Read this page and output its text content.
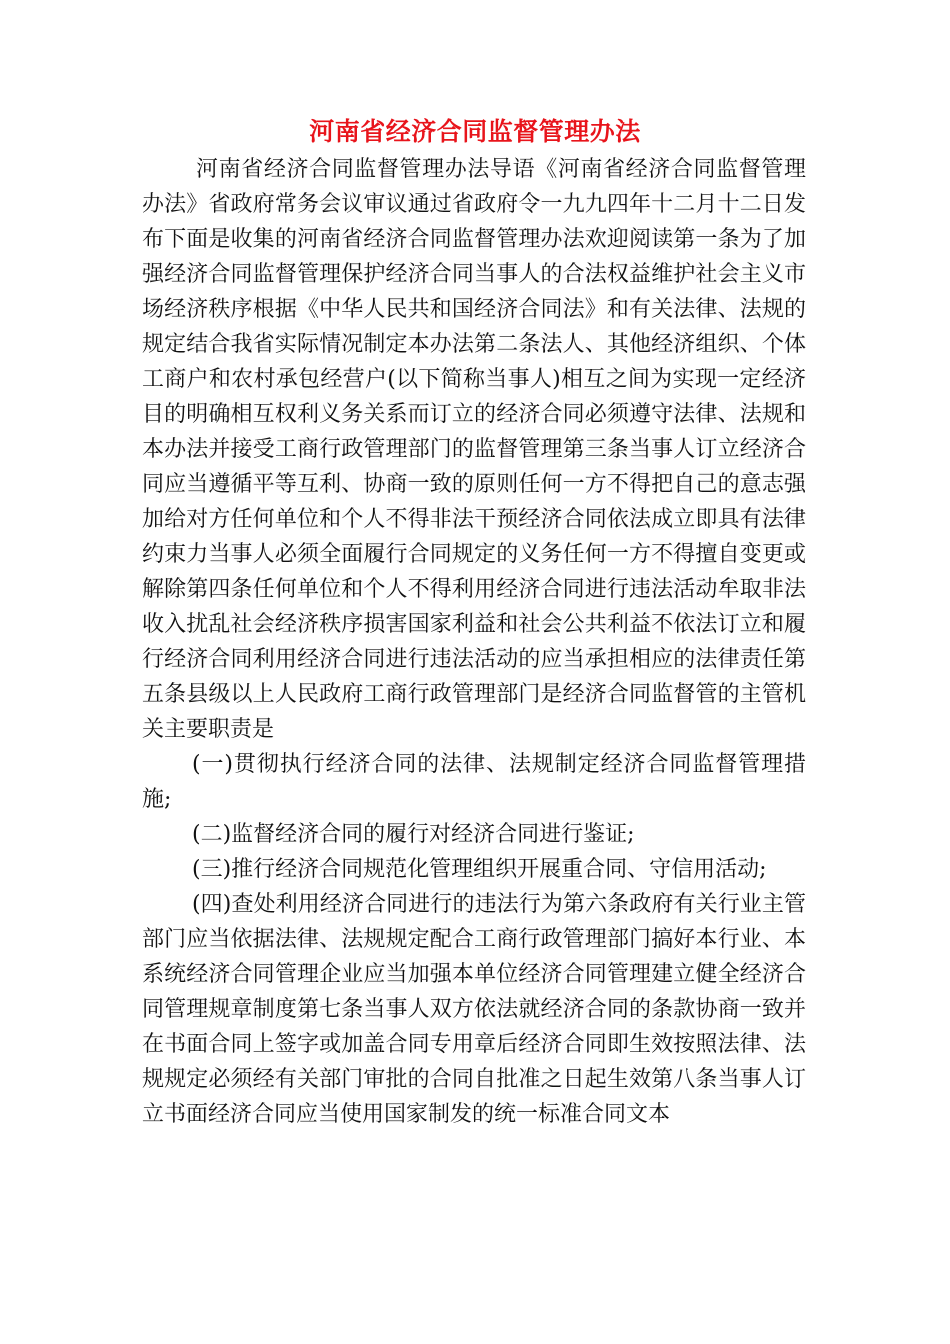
河南省经济合同监督管理办法

河南省经济合同监督管理办法导语《河南省经济合同监督管理办法》省政府常务会议审议通过省政府令一九九四年十二月十二日发布下面是收集的河南省经济合同监督管理办法欢迎阅读第一条为了加强经济合同监督管理保护经济合同当事人的合法权益维护社会主义市场经济秩序根据《中华人民共和国经济合同法》和有关法律、法规的规定结合我省实际情况制定本办法第二条法人、其他经济组织、个体工商户和农村承包经营户(以下简称当事人)相互之间为实现一定经济目的明确相互权利义务关系而订立的经济合同必须遵守法律、法规和本办法并接受工商行政管理部门的监督管理第三条当事人订立经济合同应当遵循平等互利、协商一致的原则任何一方不得把自己的意志强加给对方任何单位和个人不得非法干预经济合同依法成立即具有法律约束力当事人必须全面履行合同规定的义务任何一方不得擅自变更或解除第四条任何单位和个人不得利用经济合同进行违法活动牟取非法收入扰乱社会经济秩序损害国家利益和社会公共利益不依法订立和履行经济合同利用经济合同进行违法活动的应当承担相应的法律责任第五条县级以上人民政府工商行政管理部门是经济合同监督管的主管机关主要职责是

(一)贯彻执行经济合同的法律、法规制定经济合同监督管理措施;

(二)监督经济合同的履行对经济合同进行鉴证;

(三)推行经济合同规范化管理组织开展重合同、守信用活动;

(四)查处利用经济合同进行的违法行为第六条政府有关行业主管部门应当依据法律、法规规定配合工商行政管理部门搞好本行业、本系统经济合同管理企业应当加强本单位经济合同管理建立健全经济合同管理规章制度第七条当事人双方依法就经济合同的条款协商一致并在书面合同上签字或加盖合同专用章后经济合同即生效按照法律、法规规定必须经有关部门审批的合同自批准之日起生效第八条当事人订立书面经济合同应当使用国家制发的统一标准合同文本
